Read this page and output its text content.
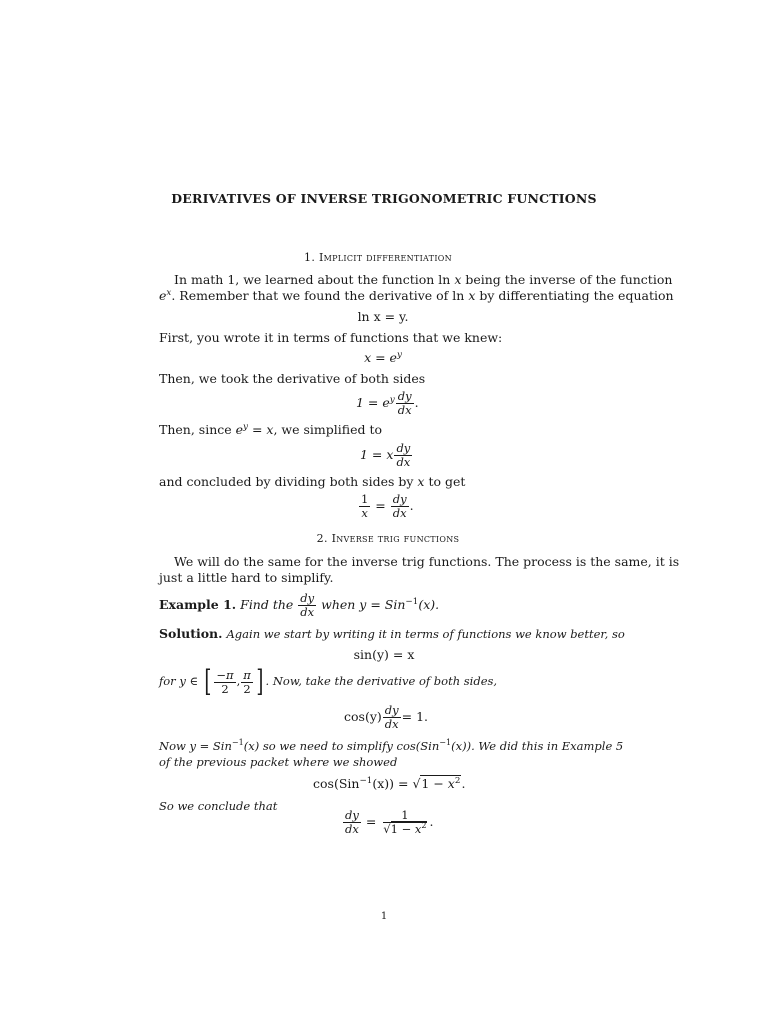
DERIVATIVES OF INVERSE TRIGONOMETRIC FUNCTIONS
1. Implicit differentiation
In math 1, we learned about the function ln x being the inverse of the function
$e^x$. Remember that we found the derivative of ln x by differentiating the equation
ln x = y.
First, you wrote it in terms of functions that we knew:
$x = e^y$
Then, we took the derivative of both sides
$1 = e^y \frac{dy}{dx}$ .
Then, since $e^y = x$, we simplified to
1 = x $\frac{dy}{dx}$
and concluded by dividing both sides by x to get
$\frac{1}{x} = \frac{dy}{dx}$ .
2. Inverse trig functions
We will do the same for the inverse trig functions. The process is the same, it is
just a little hard to simplify.
Example 1. Find the $\frac{dy}{dx}$ when y = Sin$^{-1}$(x).
Solution. Again we start by writing it in terms of functions we know better, so
sin(y) = x
for y ∈ [ $\frac{-\pi}{2}$ , $\frac{\pi}{2}$ ] . Now, take the derivative of both sides,
$\cos(y) \frac{dy}{dx} = 1$.
Now y = Sin$^{-1}$(x) so we need to simplify cos(Sin$^{-1}$(x)). We did this in Example 5
of the previous packet where we showed
$\cos(Sin^{-1}(x)) = √1 - x^2$.
So we conclude that
$\frac{dy}{dx} = \frac{1}{√1 - x^2}$ .
1
